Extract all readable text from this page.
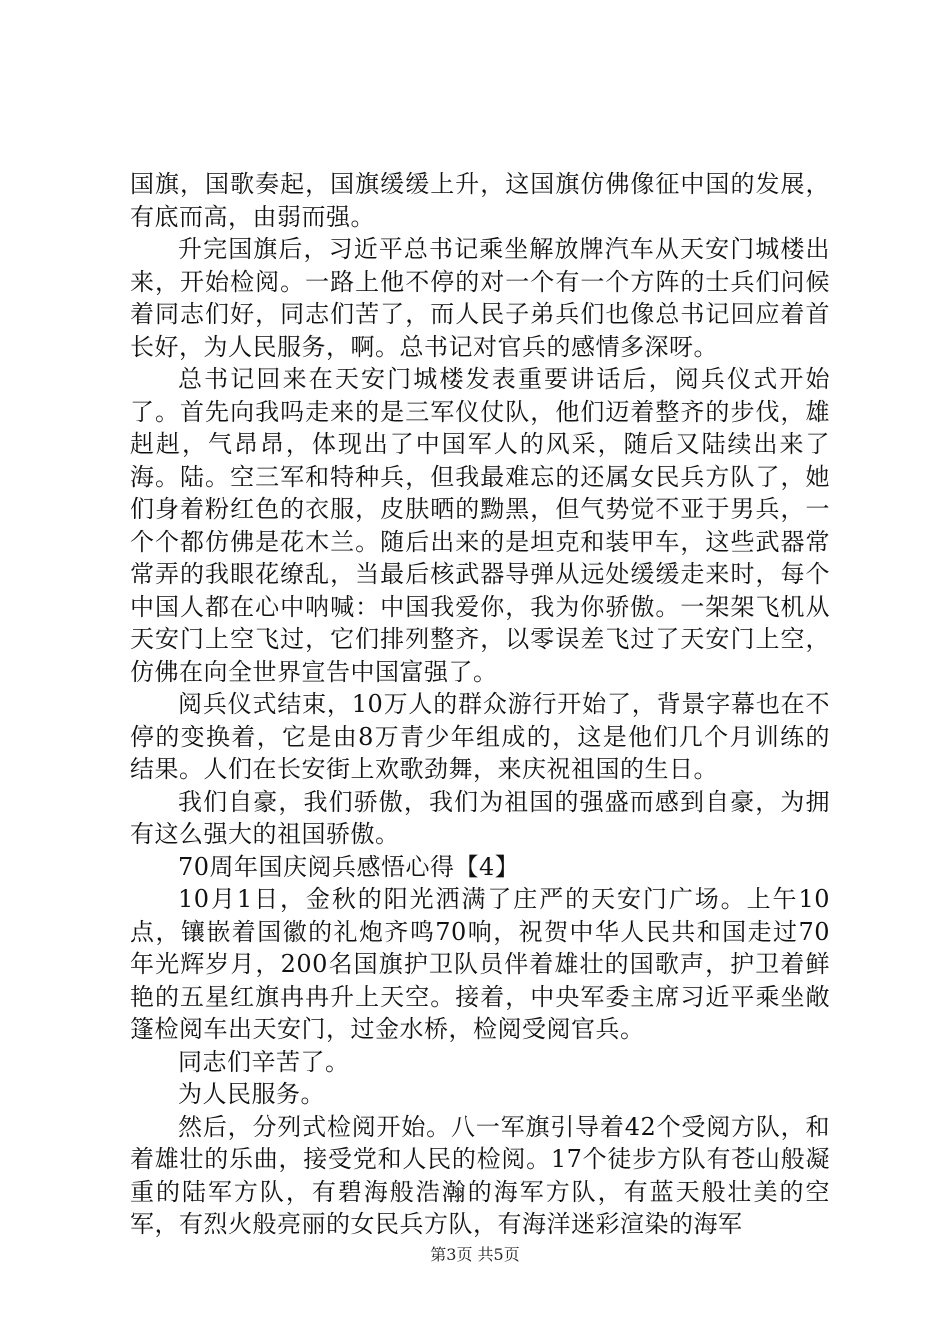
国旗，国歌奏起，国旗缓缓上升，这国旗仿佛像征中国的发展，有底而高，由弱而强。

升完国旗后，习近平总书记乘坐解放牌汽车从天安门城楼出来，开始检阅。一路上他不停的对一个有一个方阵的士兵们问候着同志们好，同志们苦了，而人民子弟兵们也像总书记回应着首长好，为人民服务，啊。总书记对官兵的感情多深呀。

总书记回来在天安门城楼发表重要讲话后，阅兵仪式开始了。首先向我吗走来的是三军仪仗队，他们迈着整齐的步伐，雄赳赳，气昂昂，体现出了中国军人的风采，随后又陆续出来了海。陆。空三军和特种兵，但我最难忘的还属女民兵方队了，她们身着粉红色的衣服，皮肤晒的黝黑，但气势觉不亚于男兵，一个个都仿佛是花木兰。随后出来的是坦克和装甲车，这些武器常常弄的我眼花缭乱，当最后核武器导弹从远处缓缓走来时，每个中国人都在心中呐喊：中国我爱你，我为你骄傲。一架架飞机从天安门上空飞过，它们排列整齐，以零误差飞过了天安门上空，仿佛在向全世界宣告中国富强了。

阅兵仪式结束，10万人的群众游行开始了，背景字幕也在不停的变换着，它是由8万青少年组成的，这是他们几个月训练的结果。人们在长安街上欢歌劲舞，来庆祝祖国的生日。

我们自豪，我们骄傲，我们为祖国的强盛而感到自豪，为拥有这么强大的祖国骄傲。

70周年国庆阅兵感悟心得【4】

10月1日，金秋的阳光洒满了庄严的天安门广场。上午10点，镶嵌着国徽的礼炮齐鸣70响，祝贺中华人民共和国走过70年光辉岁月，200名国旗护卫队员伴着雄壮的国歌声，护卫着鲜艳的五星红旗冉冉升上天空。接着，中央军委主席习近平乘坐敞篷检阅车出天安门，过金水桥，检阅受阅官兵。

同志们辛苦了。

为人民服务。

然后，分列式检阅开始。八一军旗引导着42个受阅方队，和着雄壮的乐曲，接受党和人民的检阅。17个徒步方队有苍山般凝重的陆军方队，有碧海般浩瀚的海军方队，有蓝天般壮美的空军，有烈火般亮丽的女民兵方队，有海洋迷彩渲染的海军

第3页 共5页
